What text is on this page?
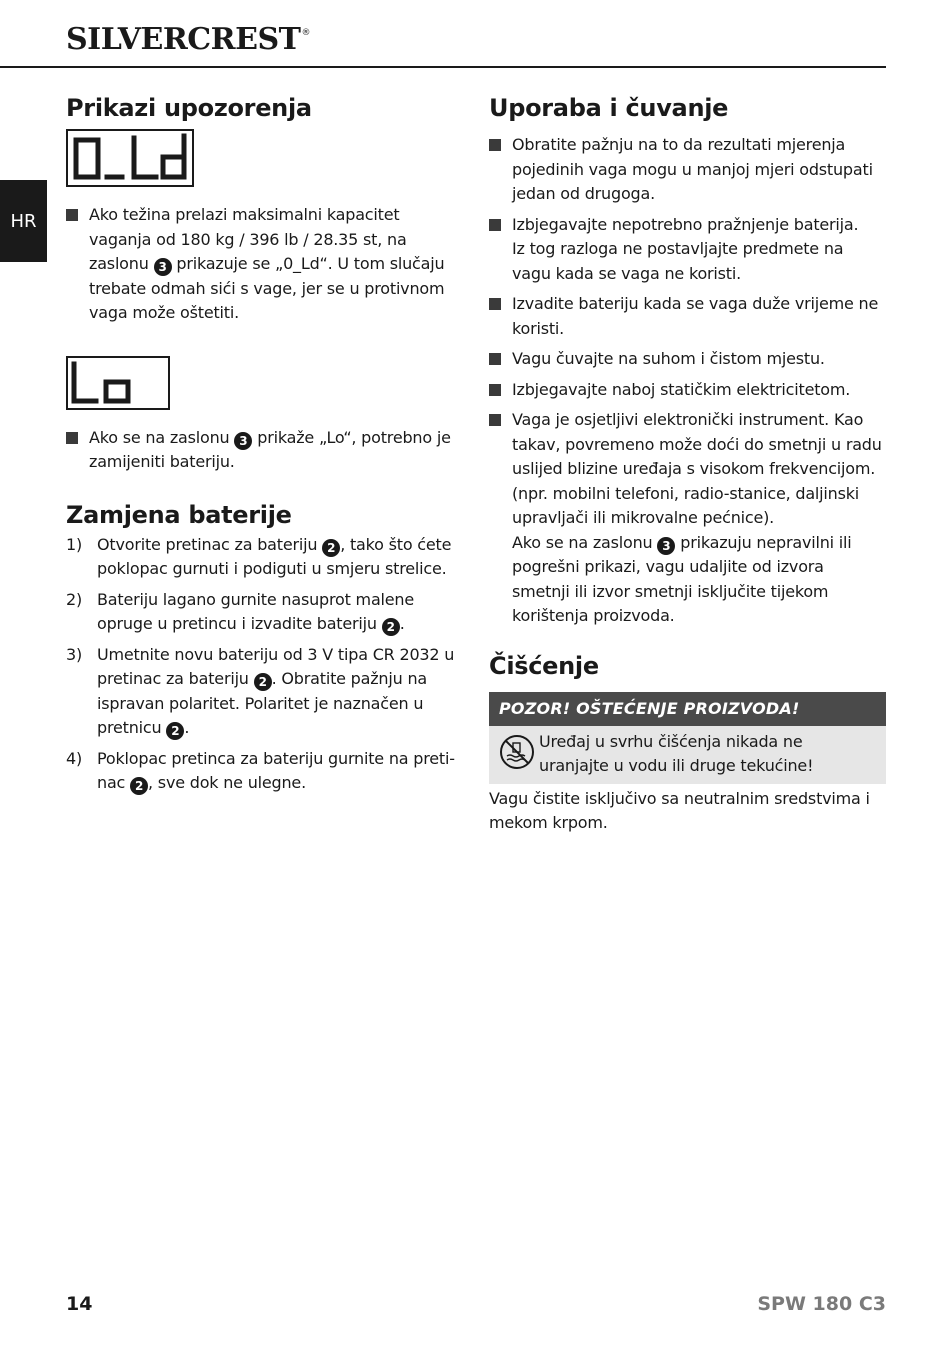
SILVERCREST®
HR
Prikazi upozorenja
Ako težina prelazi maksimalni kapacitet vaganja od 180 kg / 396 lb / 28.35 st, na zaslonu 3 prikazuje se „0_Ld“. U tom slučaju trebate odmah sići s vage, jer se u protivnom vaga može oštetiti.
Ako se na zaslonu 3 prikaže „Lo“, potrebno je zamijeniti bateriju.
Zamjena baterije
1) Otvorite pretinac za bateriju 2 , tako što ćete poklopac gurnuti i podiguti u smjeru strelice.
2) Bateriju lagano gurnite nasuprot malene opruge u pretincu i izvadite bateriju 2 .
3) Umetnite novu bateriju od 3 V tipa CR 2032 u pretinac za bateriju 2 . Obratite pažnju na ispravan polaritet. Polaritet je naznačen u pretnicu 2 .
4) Poklopac pretinca za bateriju gurnite na preti-nac 2 , sve dok ne ulegne.
Uporaba i čuvanje
Obratite pažnju na to da rezultati mjerenja pojedinih vaga mogu u manjoj mjeri odstupati jedan od drugoga.
Izbjegavajte nepotrebno pražnjenje baterija.
Iz tog razloga ne postavljajte predmete na vagu kada se vaga ne koristi.
Izvadite bateriju kada se vaga duže vrijeme ne koristi.
Vagu čuvajte na suhom i čistom mjestu.
Izbjegavajte naboj statičkim elektricitetom.
Vaga je osjetljivi elektronički instrument. Kao takav, povremeno može doći do smetnji u radu uslijed blizine uređaja s visokom frekvencijom. (npr. mobilni telefoni, radio-stanice, daljinski upravljači ili mikrovalne pećnice).
Ako se na zaslonu 3 prikazuju nepravilni ili pogrešni prikazi, vagu udaljite od izvora smetnji ili izvor smetnji isključite tijekom korištenja proizvoda.
Čišćenje
POZOR! OŠTEĆENJE PROIZVODA!

Uređaj u svrhu čišćenja nikada ne uranjajte u vodu ili druge tekućine!

Vagu čistite isključivo sa neutralnim sredstvima i mekom krpom.

14	SPW 180 C3
